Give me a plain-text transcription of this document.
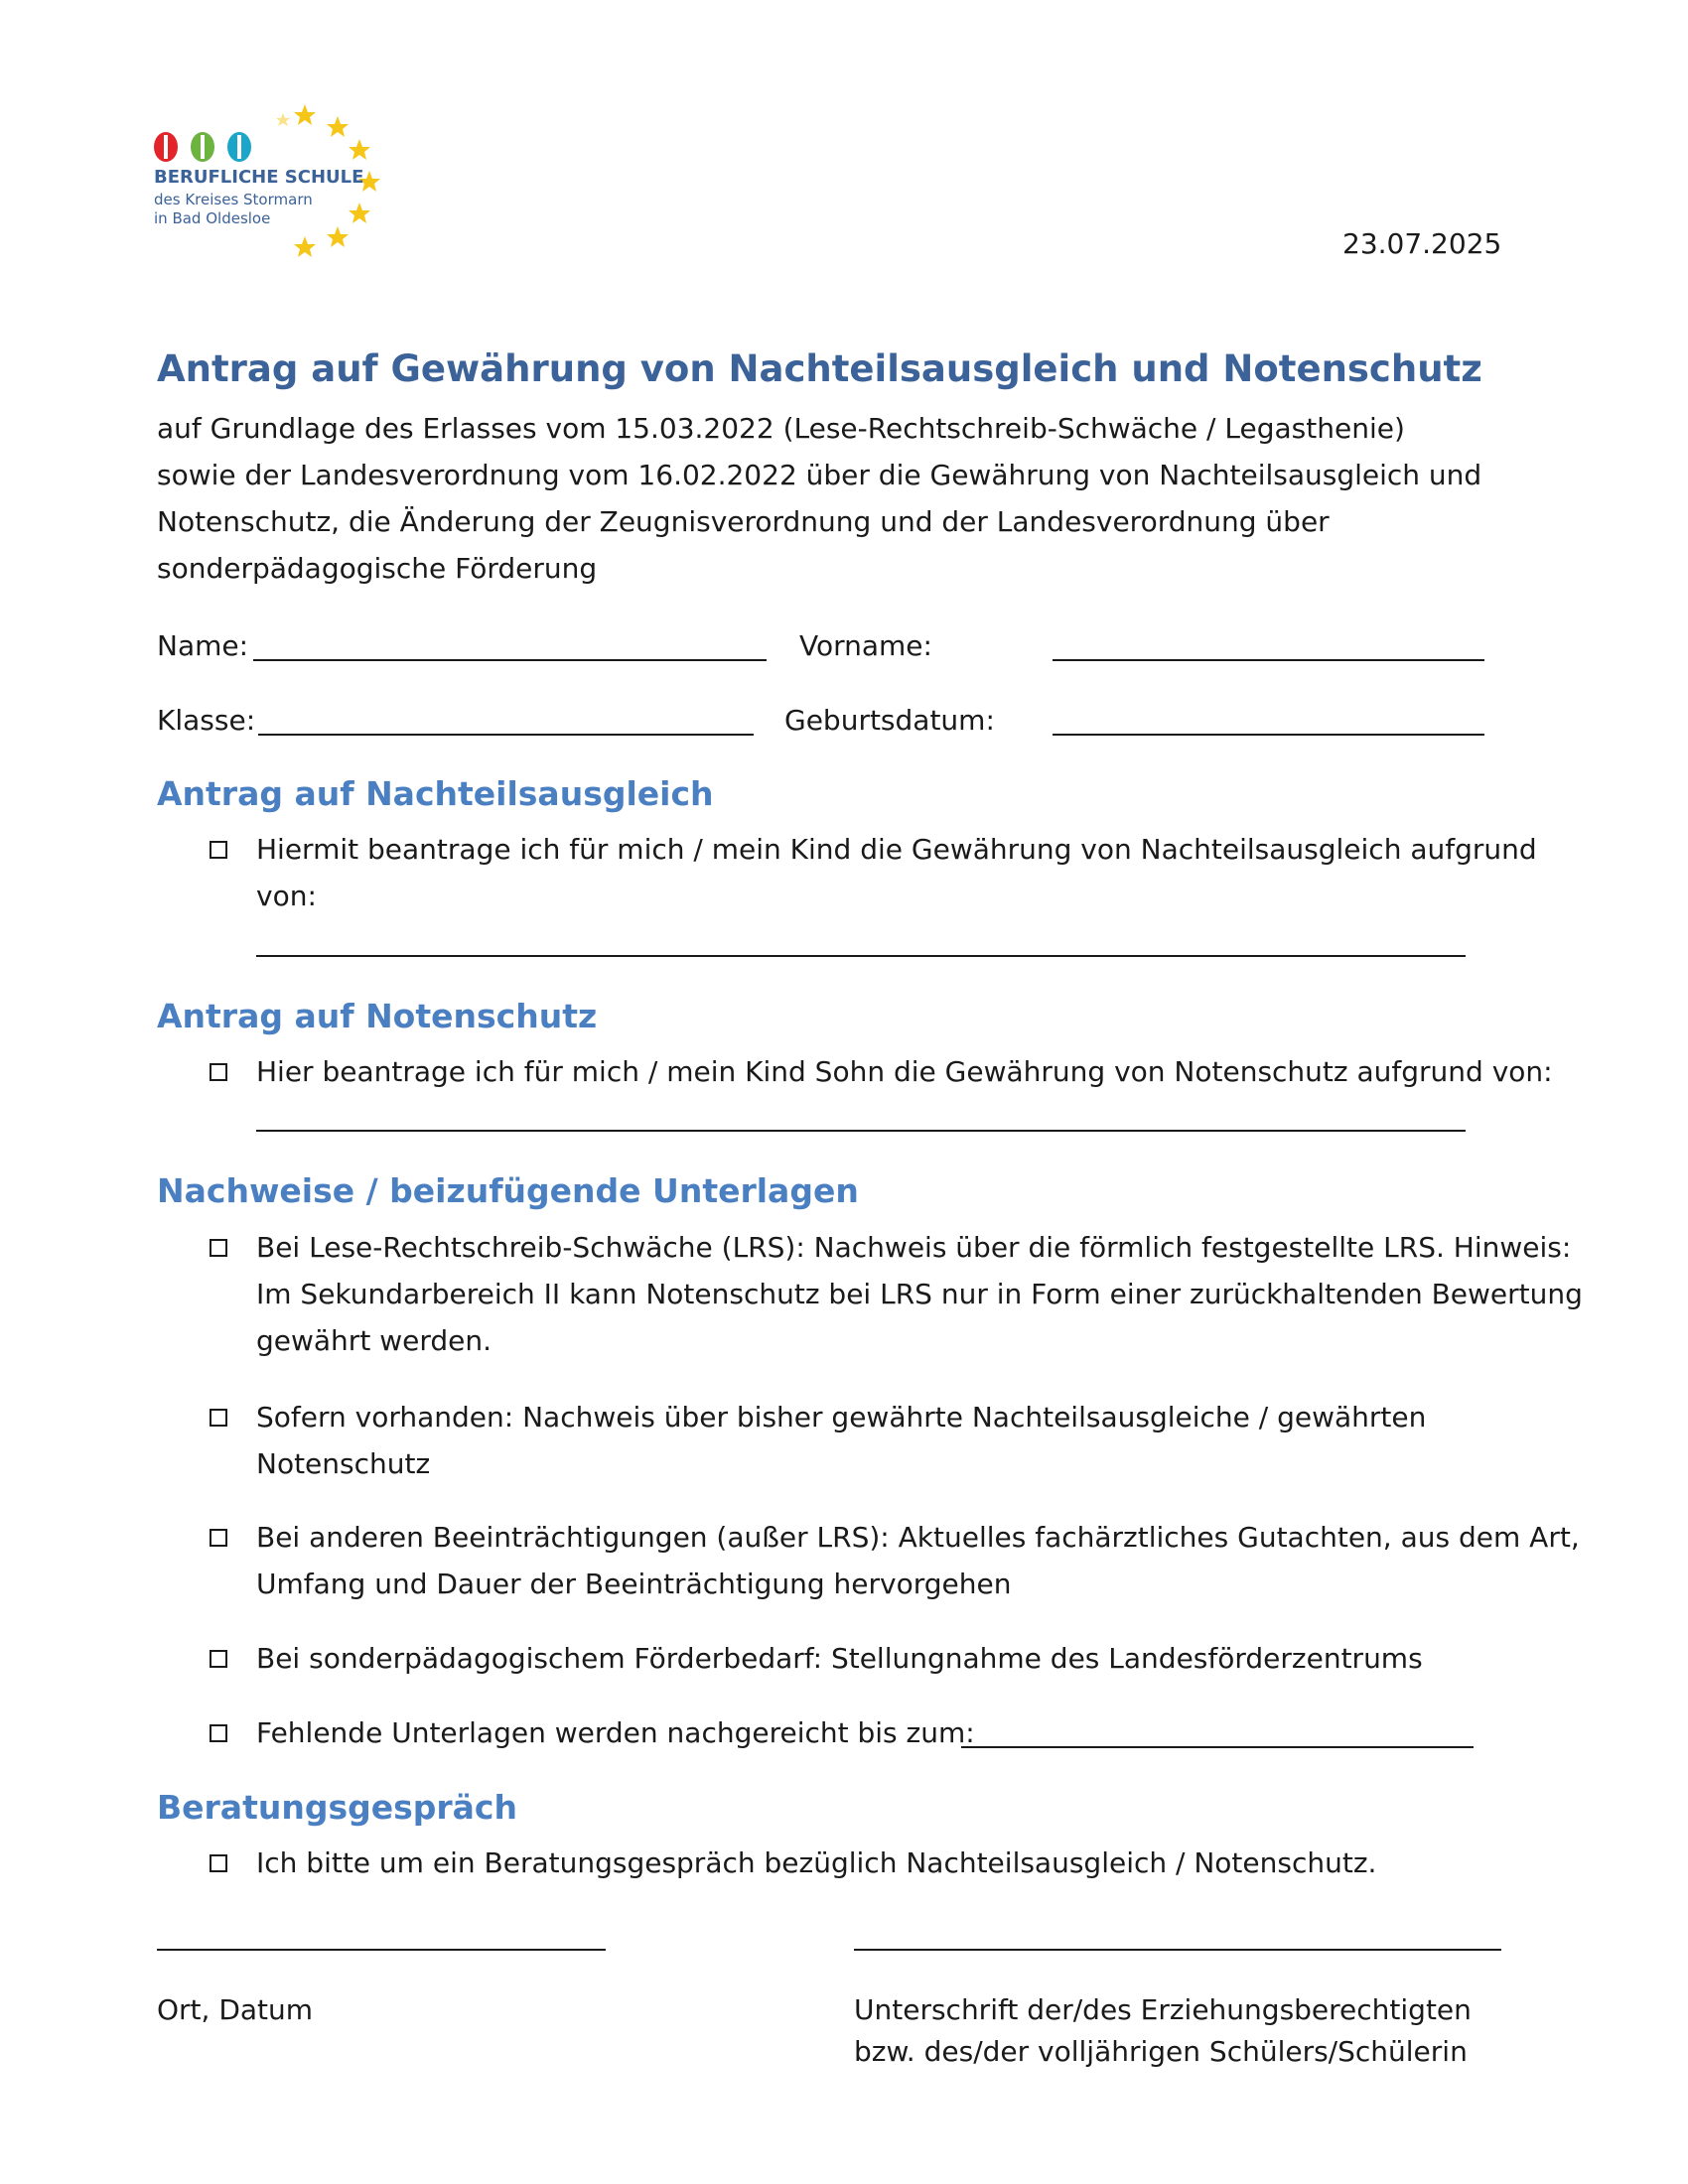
BERUFLICHE SCHULE
des Kreises Stormarn
in Bad Oldesloe
23.07.2025
Antrag auf Gewährung von Nachteilsausgleich und Notenschutz
auf Grundlage des Erlasses vom 15.03.2022 (Lese-Rechtschreib-Schwäche / Legasthenie)
sowie der Landesverordnung vom 16.02.2022 über die Gewährung von Nachteilsausgleich und
Notenschutz, die Änderung der Zeugnisverordnung und der Landesverordnung über
sonderpädagogische Förderung
Name:	Vorname:
Klasse:	Geburtsdatum:
Antrag auf Nachteilsausgleich
Hiermit beantrage ich für mich / mein Kind die Gewährung von Nachteilsausgleich aufgrund
von:
Antrag auf Notenschutz
Hier beantrage ich für mich / mein Kind Sohn die Gewährung von Notenschutz aufgrund von:
Nachweise / beizufügende Unterlagen
Bei Lese-Rechtschreib-Schwäche (LRS): Nachweis über die förmlich festgestellte LRS. Hinweis:
Im Sekundarbereich II kann Notenschutz bei LRS nur in Form einer zurückhaltenden Bewertung
gewährt werden.
Sofern vorhanden: Nachweis über bisher gewährte Nachteilsausgleiche / gewährten
Notenschutz
Bei anderen Beeinträchtigungen (außer LRS): Aktuelles fachärztliches Gutachten, aus dem Art,
Umfang und Dauer der Beeinträchtigung hervorgehen
Bei sonderpädagogischem Förderbedarf: Stellungnahme des Landesförderzentrums
Fehlende Unterlagen werden nachgereicht bis zum:
Beratungsgespräch
Ich bitte um ein Beratungsgespräch bezüglich Nachteilsausgleich / Notenschutz.
Ort, Datum	Unterschrift der/des Erziehungsberechtigten
bzw. des/der volljährigen Schülers/Schülerin
